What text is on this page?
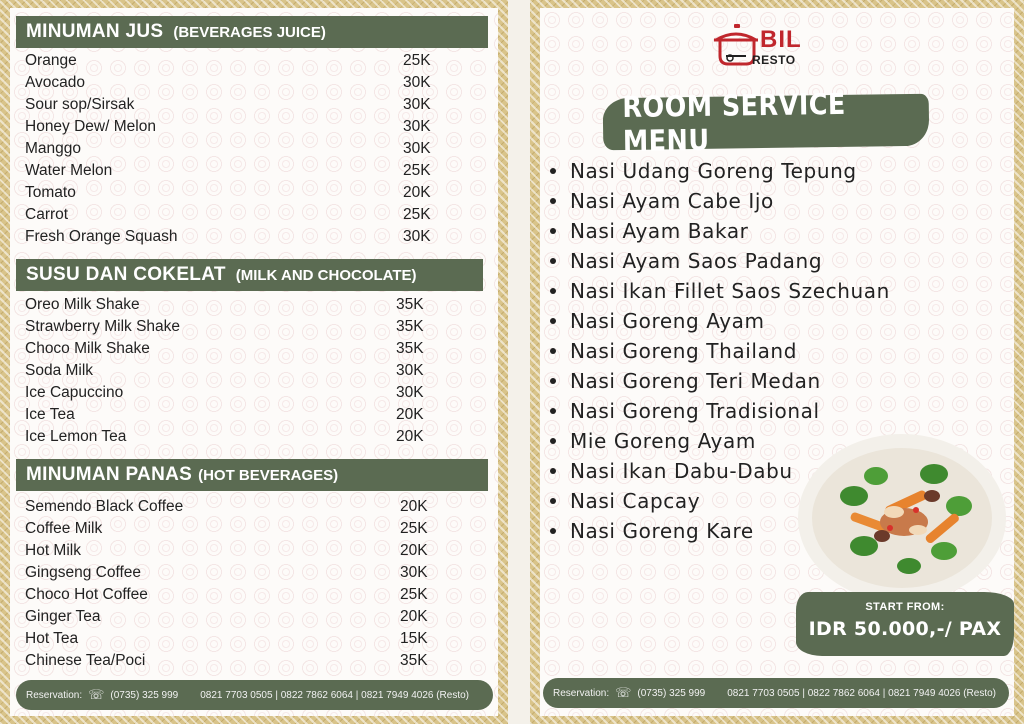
MINUMAN JUS (BEVERAGES JUICE)
Orange	25K
Avocado	30K
Sour sop/Sirsak	30K
Honey Dew/ Melon	30K
Manggo	30K
Water Melon	25K
Tomato	20K
Carrot	25K
Fresh Orange Squash	30K
SUSU DAN COKELAT (MILK AND CHOCOLATE)
Oreo Milk Shake	35K
Strawberry Milk Shake	35K
Choco Milk Shake	35K
Soda Milk	30K
Ice Capuccino	30K
Ice Tea	20K
Ice Lemon Tea	20K
MINUMAN PANAS (HOT BEVERAGES)
Semendo Black Coffee	20K
Coffee Milk	25K
Hot Milk	20K
Gingseng Coffee	30K
Choco Hot Coffee	25K
Ginger Tea	20K
Hot Tea	15K
Chinese Tea/Poci	35K
Reservation: ☏ (0735) 325 999 0821 7703 0505 | 0822 7862 6064 | 0821 7949 4026 (Resto)
BIL
RESTO
ROOM SERVICE MENU
Nasi Udang Goreng Tepung
Nasi Ayam Cabe Ijo
Nasi Ayam Bakar
Nasi Ayam Saos Padang
Nasi Ikan Fillet Saos Szechuan
Nasi Goreng Ayam
Nasi Goreng Thailand
Nasi Goreng Teri Medan
Nasi Goreng Tradisional
Mie Goreng Ayam
Nasi Ikan Dabu-Dabu
Nasi Capcay
Nasi Goreng Kare
START FROM:
IDR 50.000,-/ PAX
Reservation: ☏ (0735) 325 999 0821 7703 0505 | 0822 7862 6064 | 0821 7949 4026 (Resto)
